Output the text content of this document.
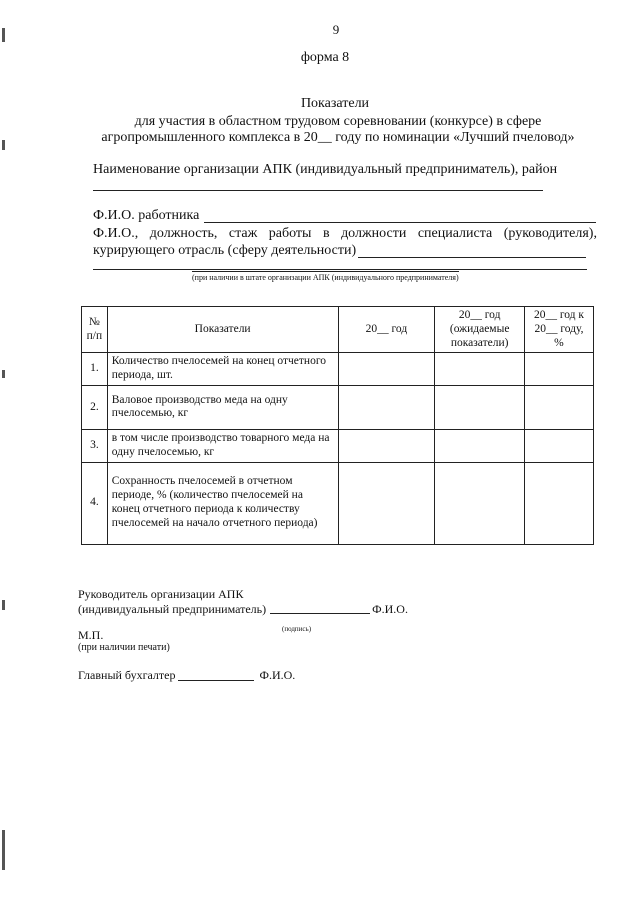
9
форма 8
Показатели
для участия в областном трудовом соревновании (конкурсе) в сфере
агропромышленного комплекса в 20__ году по номинации «Лучший пчеловод»
Наименование организации АПК (индивидуальный предприниматель), район
Ф.И.О. работника
Ф.И.О., должность, стаж работы в должности специалиста (руководителя),
курирующего отрасль (сферу деятельности)
(при наличии в штате организации АПК (индивидуального предпринимателя)
№ п/п	Показатели	20__ год	20__ год (ожидаемые показатели)	20__ год к 20__ году, %
1.	Количество пчелосемей на конец отчетного периода, шт.			
2.	Валовое производство меда на одну пчелосемью, кг			
3.	в том числе производство товарного меда на одну пчелосемью, кг			
4.	Сохранность пчелосемей в отчетном периоде, % (количество пчелосемей на конец отчетного периода к количеству пчелосемей на начало отчетного периода)			
Руководитель организации АПК
(индивидуальный предприниматель)	Ф.И.О.
(подпись)
М.П.
(при наличии печати)
Главный бухгалтер	Ф.И.О.
